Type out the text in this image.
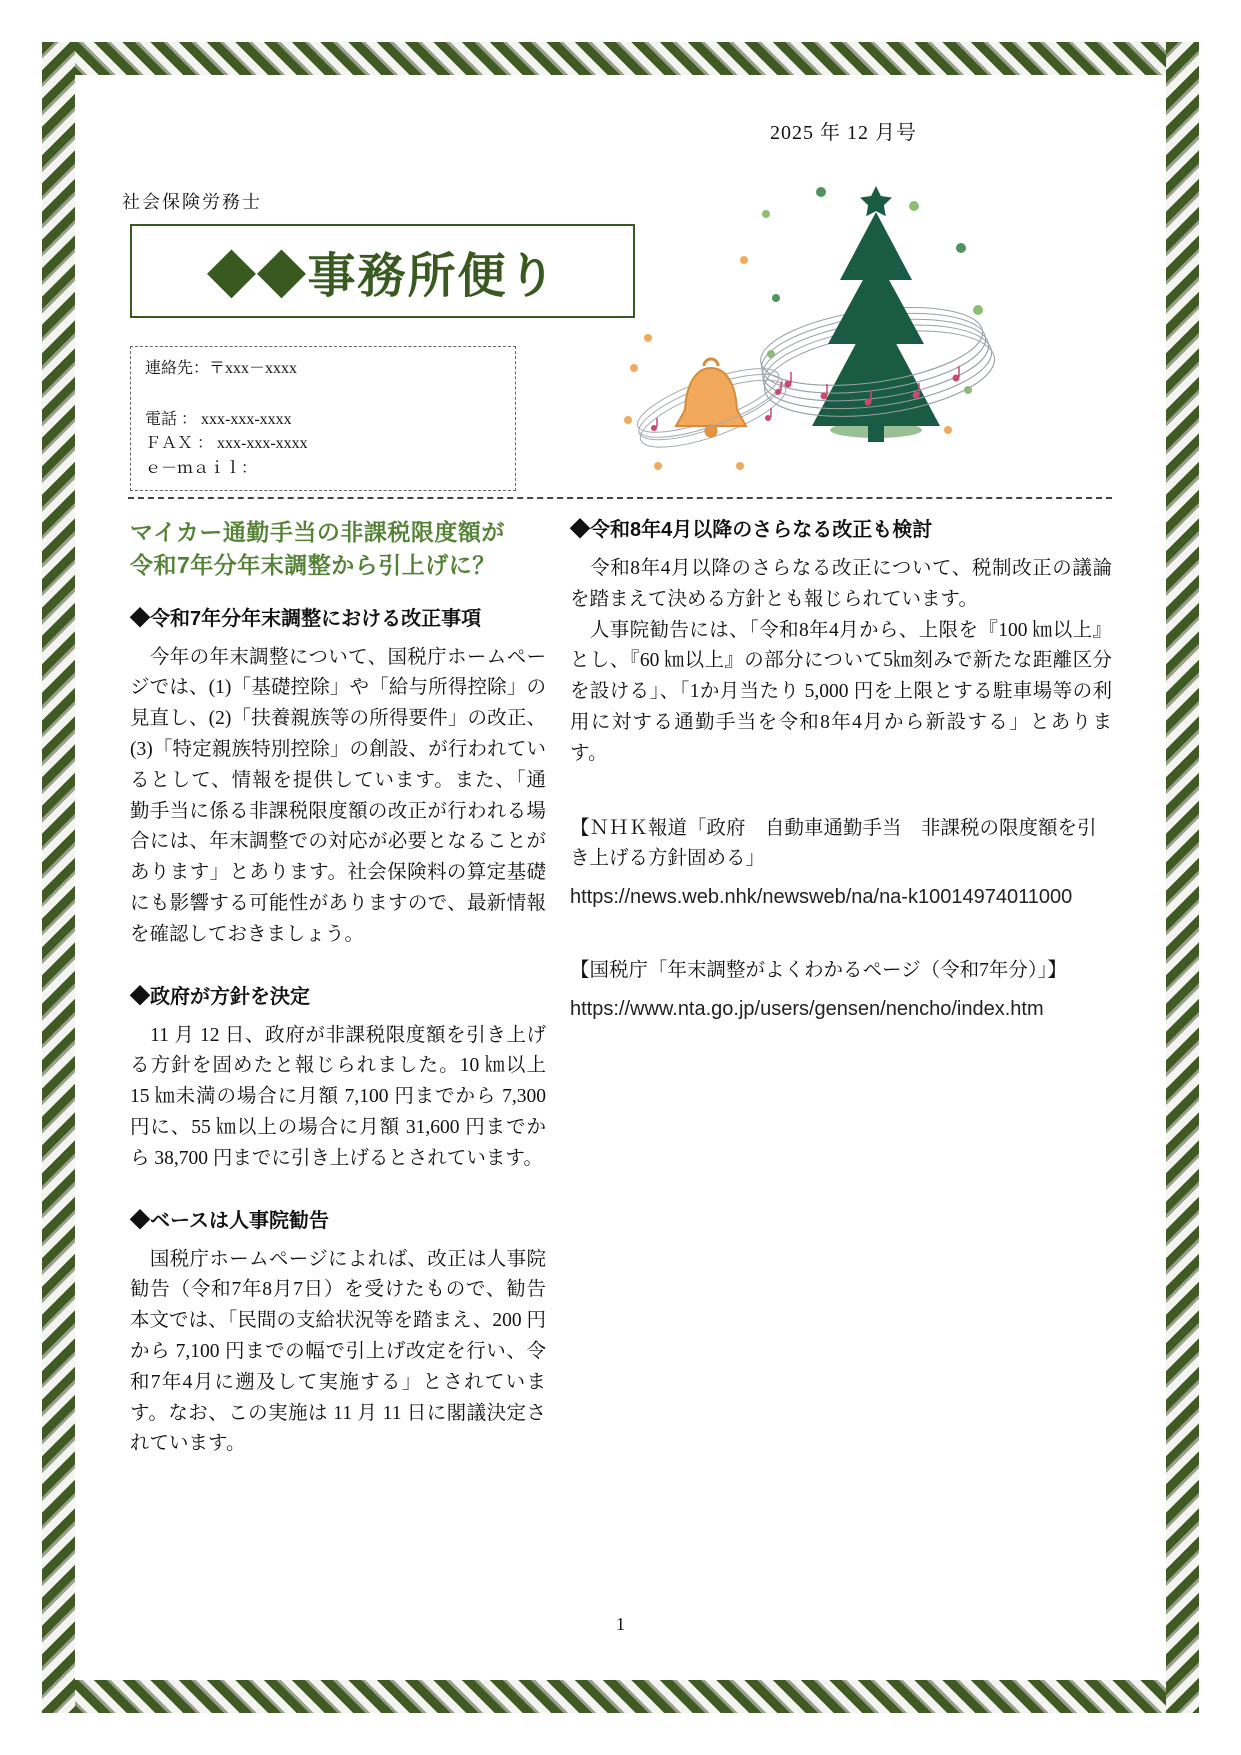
2025 年 12 月号
社会保険労務士
◆◆事務所便り
連絡先：〒xxx－xxxx
電話 ： xxx-xxx-xxxx
ＦＡＸ ： xxx-xxx-xxxx
ｅ－ｍａｉｌ：
マイカー通勤手当の非課税限度額が
令和7年分年末調整から引上げに？
◆令和7年分年末調整における改正事項
　今年の年末調整について、国税庁ホームページでは、(1)「基礎控除」や「給与所得控除」の見直し、(2)「扶養親族等の所得要件」の改正、(3)「特定親族特別控除」の創設、が行われているとして、情報を提供しています。また、「通勤手当に係る非課税限度額の改正が行われる場合には、年末調整での対応が必要となることがあります」とあります。社会保険料の算定基礎にも影響する可能性がありますので、最新情報を確認しておきましょう。
◆政府が方針を決定
　11 月 12 日、政府が非課税限度額を引き上げる方針を固めたと報じられました。10 ㎞以上 15 ㎞未満の場合に月額 7,100 円までから 7,300 円に、55 ㎞以上の場合に月額 31,600 円までから 38,700 円までに引き上げるとされています。
◆ベースは人事院勧告
　国税庁ホームページによれば、改正は人事院勧告（令和7年8月7日）を受けたもので、勧告本文では、「民間の支給状況等を踏まえ、200 円から 7,100 円までの幅で引上げ改定を行い、令和7年4月に遡及して実施する」とされています。なお、この実施は 11 月 11 日に閣議決定されています。
◆令和8年4月以降のさらなる改正も検討
　令和8年4月以降のさらなる改正について、税制改正の議論を踏まえて決める方針とも報じられています。
　人事院勧告には、「令和8年4月から、上限を『100 ㎞以上』とし、『60 ㎞以上』の部分について5㎞刻みで新たな距離区分を設ける」、「1か月当たり 5,000 円を上限とする駐車場等の利用に対する通勤手当を令和8年4月から新設する」とあります。
【ＮＨＫ報道「政府　自動車通勤手当　非課税の限度額を引き上げる方針固める」
https://news.web.nhk/newsweb/na/na-k10014974011000
【国税庁「年末調整がよくわかるページ（令和7年分）」】
https://www.nta.go.jp/users/gensen/nencho/index.htm
1
